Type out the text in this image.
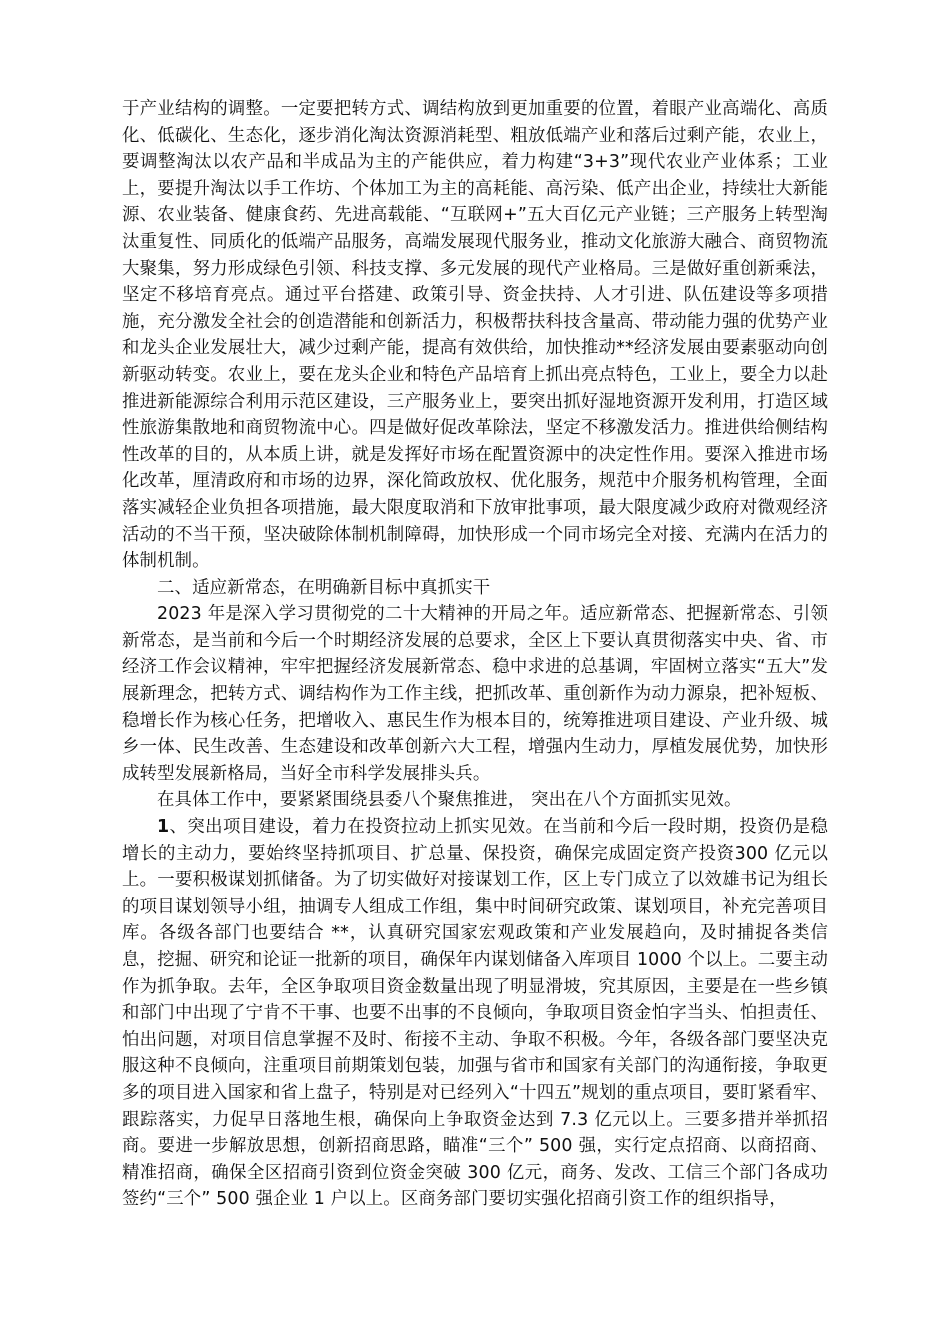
于产业结构的调整。一定要把转方式、调结构放到更加重要的位置，着眼产业高端化、高质化、低碳化、生态化，逐步消化淘汰资源消耗型、粗放低端产业和落后过剩产能，农业上，要调整淘汰以农产品和半成品为主的产能供应，着力构建“3+3”现代农业产业体系；工业上，要提升淘汰以手工作坊、个体加工为主的高耗能、高污染、低产出企业，持续壮大新能源、农业装备、健康食药、先进高载能、“互联网+”五大百亿元产业链；三产服务上转型淘汰重复性、同质化的低端产品服务，高端发展现代服务业，推动文化旅游大融合、商贸物流大聚集，努力形成绿色引领、科技支撑、多元发展的现代产业格局。三是做好重创新乘法，坚定不移培育亮点。通过平台搭建、政策引导、资金扶持、人才引进、队伍建设等多项措施，充分激发全社会的创造潜能和创新活力，积极帮扶科技含量高、带动能力强的优势产业和龙头企业发展壮大，减少过剩产能，提高有效供给，加快推动**经济发展由要素驱动向创新驱动转变。农业上，要在龙头企业和特色产品培育上抓出亮点特色，工业上，要全力以赴推进新能源综合利用示范区建设，三产服务业上，要突出抓好湿地资源开发利用，打造区域性旅游集散地和商贸物流中心。四是做好促改革除法，坚定不移激发活力。推进供给侧结构性改革的目的，从本质上讲，就是发挥好市场在配置资源中的决定性作用。要深入推进市场化改革，厘清政府和市场的边界，深化简政放权、优化服务，规范中介服务机构管理，全面落实减轻企业负担各项措施，最大限度取消和下放审批事项，最大限度减少政府对微观经济活动的不当干预，坚决破除体制机制障碍，加快形成一个同市场完全对接、充满内在活力的体制机制。

二、适应新常态，在明确新目标中真抓实干

2023 年是深入学习贯彻党的二十大精神的开局之年。适应新常态、把握新常态、引领新常态，是当前和今后一个时期经济发展的总要求，全区上下要认真贯彻落实中央、省、市经济工作会议精神，牢牢把握经济发展新常态、稳中求进的总基调，牢固树立落实“五大”发展新理念，把转方式、调结构作为工作主线，把抓改革、重创新作为动力源泉，把补短板、稳增长作为核心任务，把增收入、惠民生作为根本目的，统筹推进项目建设、产业升级、城乡一体、民生改善、生态建设和改革创新六大工程，增强内生动力，厚植发展优势，加快形成转型发展新格局，当好全市科学发展排头兵。

在具体工作中，要紧紧围绕县委八个聚焦推进， 突出在八个方面抓实见效。

1、突出项目建设，着力在投资拉动上抓实见效。在当前和今后一段时期，投资仍是稳增长的主动力，要始终坚持抓项目、扩总量、保投资，确保完成固定资产投资300 亿元以上。一要积极谋划抓储备。为了切实做好对接谋划工作，区上专门成立了以效雄书记为组长的项目谋划领导小组，抽调专人组成工作组，集中时间研究政策、谋划项目，补充完善项目库。各级各部门也要结合 **，认真研究国家宏观政策和产业发展趋向，及时捕捉各类信息，挖掘、研究和论证一批新的项目，确保年内谋划储备入库项目 1000 个以上。二要主动作为抓争取。去年，全区争取项目资金数量出现了明显滑坡，究其原因，主要是在一些乡镇和部门中出现了宁肯不干事、也要不出事的不良倾向，争取项目资金怕字当头、怕担责任、怕出问题，对项目信息掌握不及时、衔接不主动、争取不积极。今年，各级各部门要坚决克服这种不良倾向，注重项目前期策划包装，加强与省市和国家有关部门的沟通衔接，争取更多的项目进入国家和省上盘子，特别是对已经列入“十四五”规划的重点项目，要盯紧看牢、跟踪落实，力促早日落地生根，确保向上争取资金达到 7.3 亿元以上。三要多措并举抓招商。要进一步解放思想，创新招商思路，瞄准“三个” 500 强，实行定点招商、以商招商、精准招商，确保全区招商引资到位资金突破 300 亿元，商务、发改、工信三个部门各成功签约“三个” 500 强企业 1 户以上。区商务部门要切实强化招商引资工作的组织指导，
